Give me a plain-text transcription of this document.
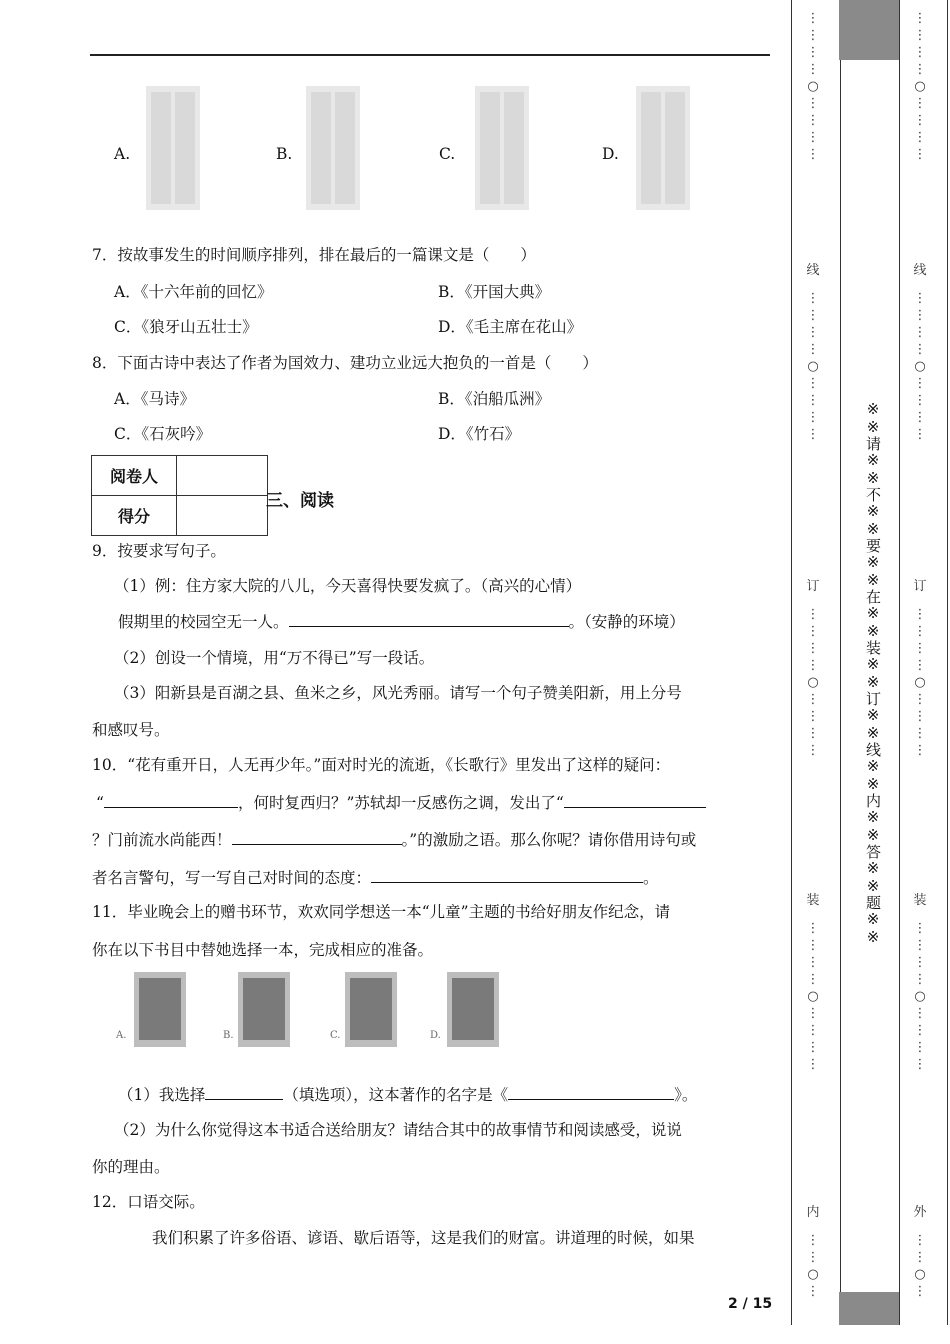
A.	B.	C.	D.
7．按故事发生的时间顺序排列，排在最后的一篇课文是（　　）
A．《十六年前的回忆》	B．《开国大典》
C．《狼牙山五壮士》	D．《毛主席在花山》
8．下面古诗中表达了作者为国效力、建功立业远大抱负的一首是（　　）
A．《马诗》	B．《泊船瓜洲》
C．《石灰吟》	D．《竹石》
阅卷人	
得分	
三、阅读
9．按要求写句子。
（1）例：住方家大院的八儿，今天喜得快要发疯了。（高兴的心情）
假期里的校园空无一人。	。（安静的环境）
（2）创设一个情境，用“万不得已”写一段话。
（3）阳新县是百湖之县、鱼米之乡，风光秀丽。请写一个句子赞美阳新，用上分号
和感叹号。
10．“花有重开日，人无再少年。”面对时光的流逝，《长歌行》里发出了这样的疑问：
“	，何时复西归？”苏轼却一反感伤之调，发出了“
？门前流水尚能西！	。”的激励之语。那么你呢？请你借用诗句或
者名言警句，写一写自己对时间的态度：	。
11．毕业晚会上的赠书环节，欢欢同学想送一本“儿童”主题的书给好朋友作纪念，请
你在以下书目中替她选择一本，完成相应的准备。
A.	B.	C.	D.
（1）我选择	（填选项），这本著作的名字是《	》。
（2）为什么你觉得这本书适合送给朋友？请结合其中的故事情节和阅读感受，说说
你的理由。
12．口语交际。
我们积累了许多俗语、谚语、歇后语等，这是我们的财富。讲道理的时候，如果
⋮
⋮
⋮
⋮
○
⋮
⋮
⋮
⋮
线
⋮
⋮
⋮
⋮
○
⋮
⋮
⋮
⋮
订
⋮
⋮
⋮
⋮
○
⋮
⋮
⋮
⋮
装
⋮
⋮
⋮
⋮
○
⋮
⋮
⋮
⋮
内
⋮
⋮
○
⋮
※※请※※不※※要※※在※※装※※订※※线※※内※※答※※题※※
⋮
⋮
⋮
⋮
○
⋮
⋮
⋮
⋮
线
⋮
⋮
⋮
⋮
○
⋮
⋮
⋮
⋮
订
⋮
⋮
⋮
⋮
○
⋮
⋮
⋮
⋮
装
⋮
⋮
⋮
⋮
○
⋮
⋮
⋮
⋮
外
⋮
⋮
○
⋮
2 / 15
